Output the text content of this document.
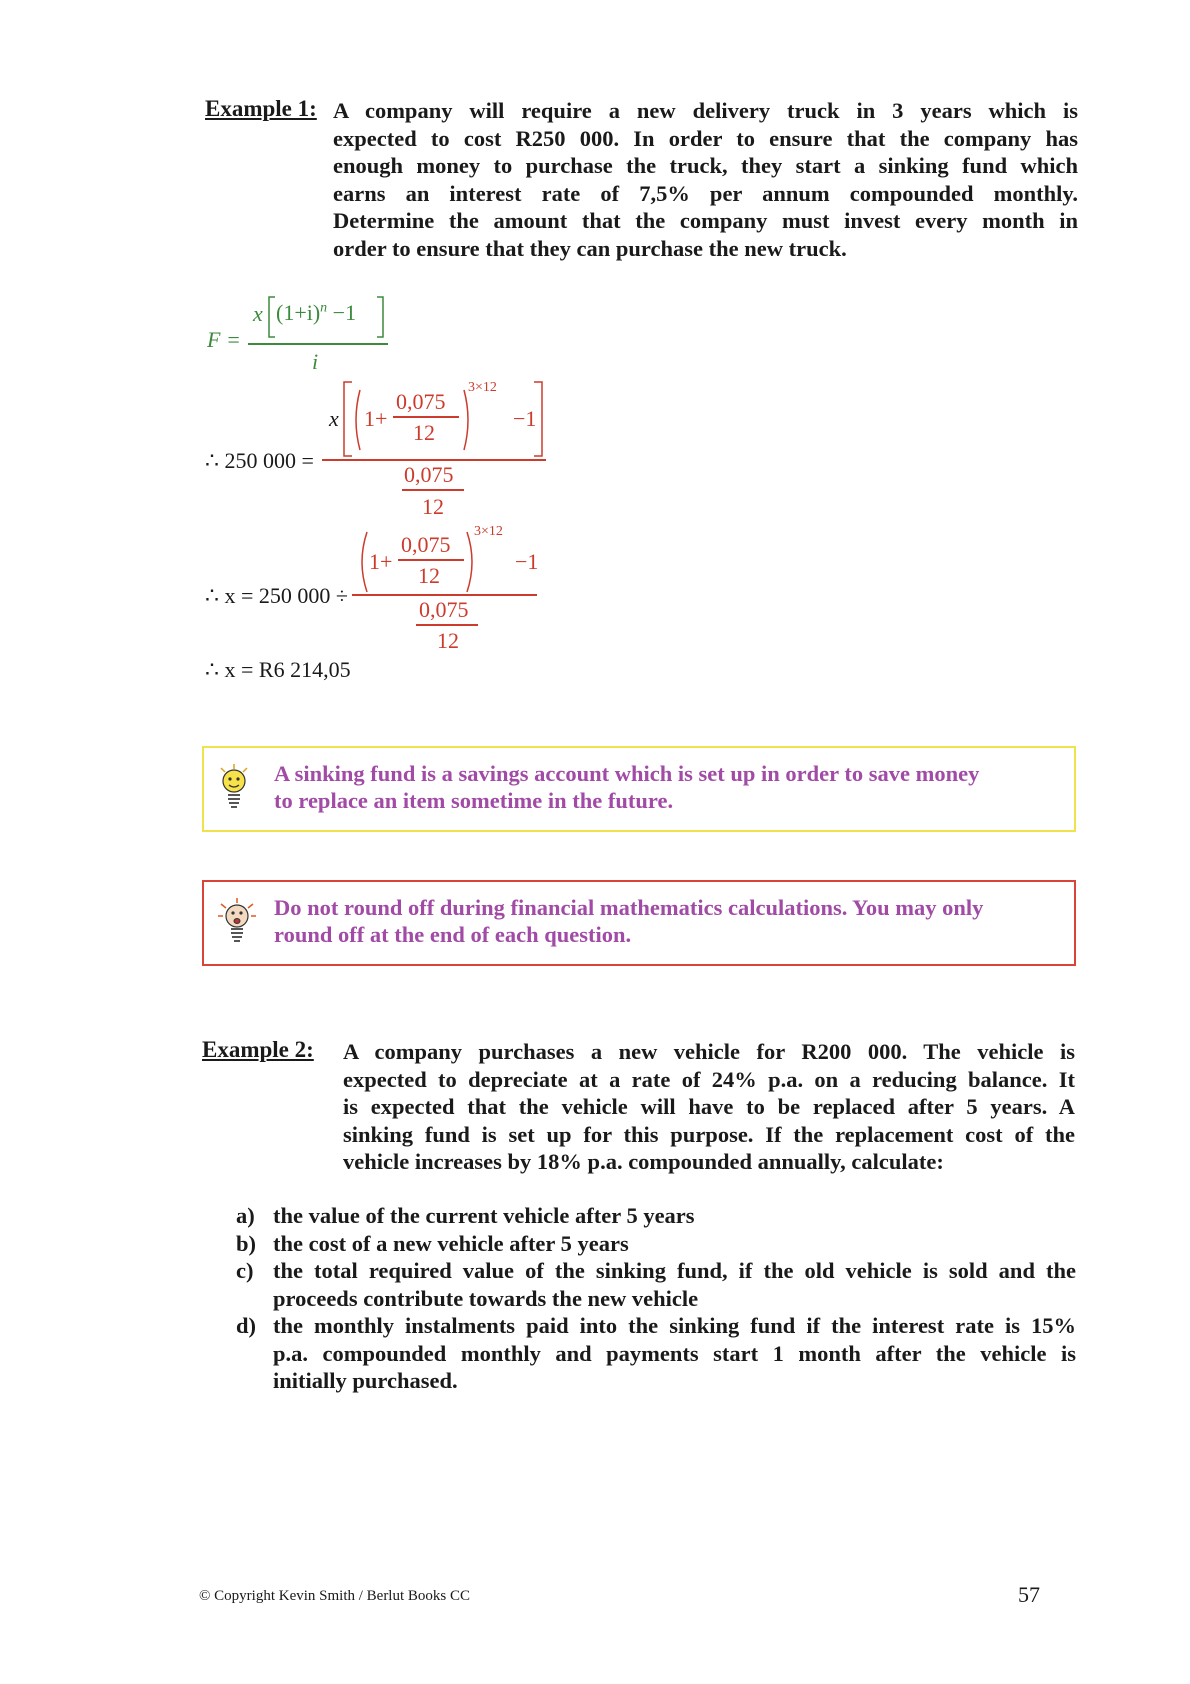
Example 1: A company will require a new delivery truck in 3 years which is
expected to cost R250 000. In order to ensure that the company has
enough money to purchase the truck, they start a sinking fund which
earns an interest rate of 7,5% per annum compounded monthly.
Determine the amount that the company must invest every month in
order to ensure that they can purchase the new truck.
F =
x $(1+i)^n -1$
i
∴ 250 000 =
x 1+
0,075
12
3×12
−1
0,075
12
∴ x = 250 000 ÷
1+
0,075
12
3×12
−1
0,075
12
∴ x = R6 214,05
A sinking fund is a savings account which is set up in order to save money
to replace an item sometime in the future.
Do not round off during financial mathematics calculations. You may only
round off at the end of each question.
Example 2: A company purchases a new vehicle for R200 000. The vehicle is
expected to depreciate at a rate of 24% p.a. on a reducing balance. It
is expected that the vehicle will have to be replaced after 5 years. A
sinking fund is set up for this purpose. If the replacement cost of the
vehicle increases by 18% p.a. compounded annually, calculate:
a) the value of the current vehicle after 5 years
b) the cost of a new vehicle after 5 years
c) the total required value of the sinking fund, if the old vehicle is sold and the
proceeds contribute towards the new vehicle
d) the monthly instalments paid into the sinking fund if the interest rate is 15%
p.a. compounded monthly and payments start 1 month after the vehicle is
initially purchased.
© Copyright Kevin Smith / Berlut Books CC	57
